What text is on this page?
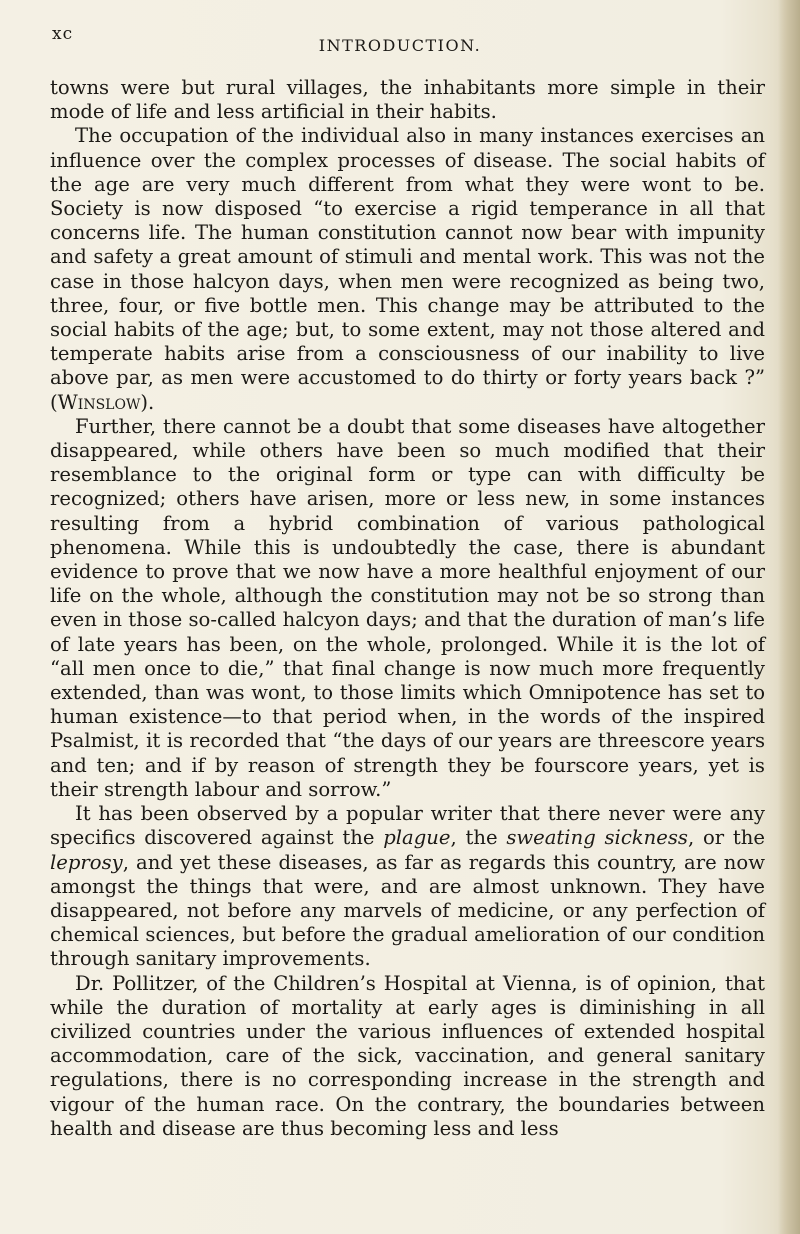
xc
INTRODUCTION.

towns were but rural villages, the inhabitants more simple in their mode of life and less artificial in their habits.

The occupation of the individual also in many instances exercises an influence over the complex processes of disease. The social habits of the age are very much different from what they were wont to be. Society is now disposed “to exercise a rigid temperance in all that concerns life. The human constitution cannot now bear with impunity and safety a great amount of stimuli and mental work. This was not the case in those halcyon days, when men were recognized as being two, three, four, or five bottle men. This change may be attributed to the social habits of the age; but, to some extent, may not those altered and temperate habits arise from a consciousness of our inability to live above par, as men were accustomed to do thirty or forty years back ?” (Winslow).

Further, there cannot be a doubt that some diseases have altogether disappeared, while others have been so much modified that their resemblance to the original form or type can with difficulty be recognized; others have arisen, more or less new, in some instances resulting from a hybrid combination of various pathological phenomena. While this is undoubtedly the case, there is abundant evidence to prove that we now have a more healthful enjoyment of our life on the whole, although the constitution may not be so strong than even in those so-called halcyon days; and that the duration of man’s life of late years has been, on the whole, prolonged. While it is the lot of “all men once to die,” that final change is now much more frequently extended, than was wont, to those limits which Omnipotence has set to human existence—to that period when, in the words of the inspired Psalmist, it is recorded that “the days of our years are threescore years and ten; and if by reason of strength they be fourscore years, yet is their strength labour and sorrow.”

It has been observed by a popular writer that there never were any specifics discovered against the plague, the sweating sickness, or the leprosy, and yet these diseases, as far as regards this country, are now amongst the things that were, and are almost unknown. They have disappeared, not before any marvels of medicine, or any perfection of chemical sciences, but before the gradual amelioration of our condition through sanitary improvements.

Dr. Pollitzer, of the Children’s Hospital at Vienna, is of opinion, that while the duration of mortality at early ages is diminishing in all civilized countries under the various influences of extended hospital accommodation, care of the sick, vaccination, and general sanitary regulations, there is no corresponding increase in the strength and vigour of the human race. On the contrary, the boundaries between health and disease are thus becoming less and less
